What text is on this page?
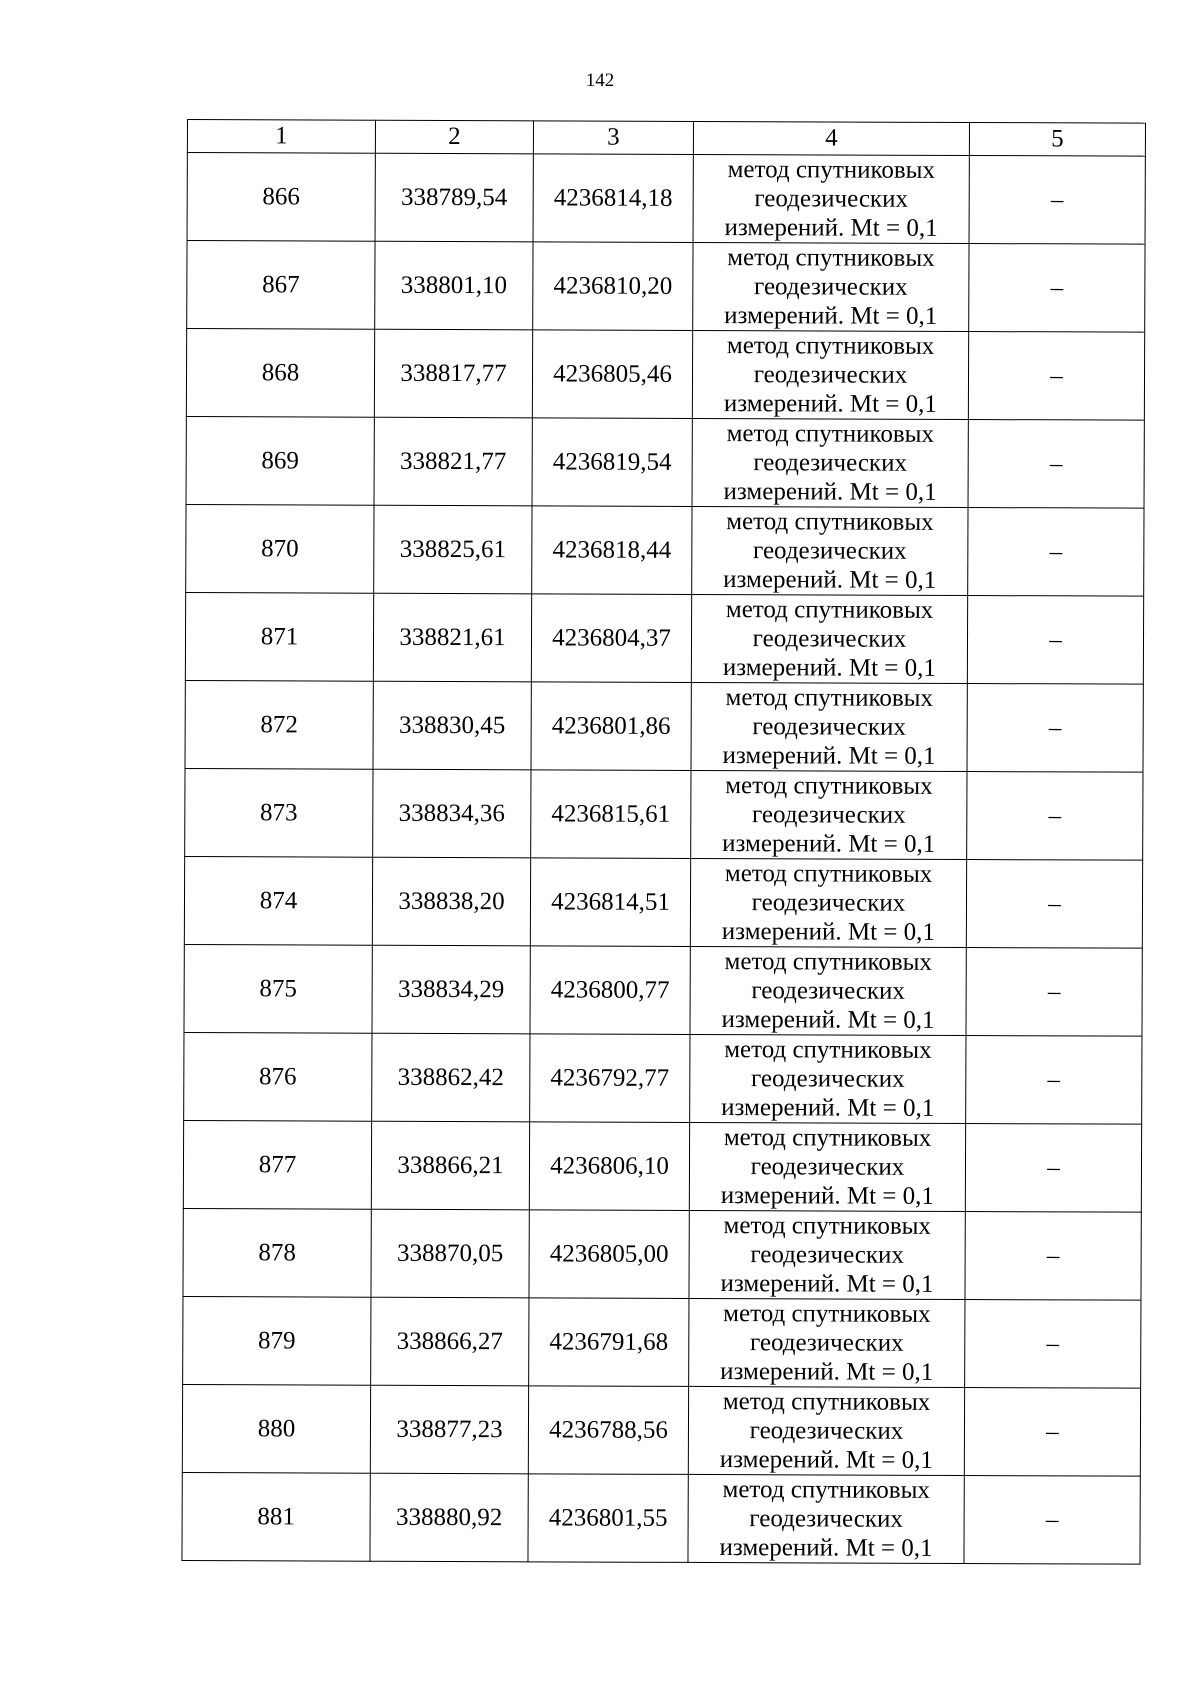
142
1	2	3	4	5
866	338789,54	4236814,18	метод спутниковых геодезических измерений. Mt = 0,1	–
867	338801,10	4236810,20	метод спутниковых геодезических измерений. Mt = 0,1	–
868	338817,77	4236805,46	метод спутниковых геодезических измерений. Mt = 0,1	–
869	338821,77	4236819,54	метод спутниковых геодезических измерений. Mt = 0,1	–
870	338825,61	4236818,44	метод спутниковых геодезических измерений. Mt = 0,1	–
871	338821,61	4236804,37	метод спутниковых геодезических измерений. Mt = 0,1	–
872	338830,45	4236801,86	метод спутниковых геодезических измерений. Mt = 0,1	–
873	338834,36	4236815,61	метод спутниковых геодезических измерений. Mt = 0,1	–
874	338838,20	4236814,51	метод спутниковых геодезических измерений. Mt = 0,1	–
875	338834,29	4236800,77	метод спутниковых геодезических измерений. Mt = 0,1	–
876	338862,42	4236792,77	метод спутниковых геодезических измерений. Mt = 0,1	–
877	338866,21	4236806,10	метод спутниковых геодезических измерений. Mt = 0,1	–
878	338870,05	4236805,00	метод спутниковых геодезических измерений. Mt = 0,1	–
879	338866,27	4236791,68	метод спутниковых геодезических измерений. Mt = 0,1	–
880	338877,23	4236788,56	метод спутниковых геодезических измерений. Mt = 0,1	–
881	338880,92	4236801,55	метод спутниковых геодезических измерений. Mt = 0,1	–
